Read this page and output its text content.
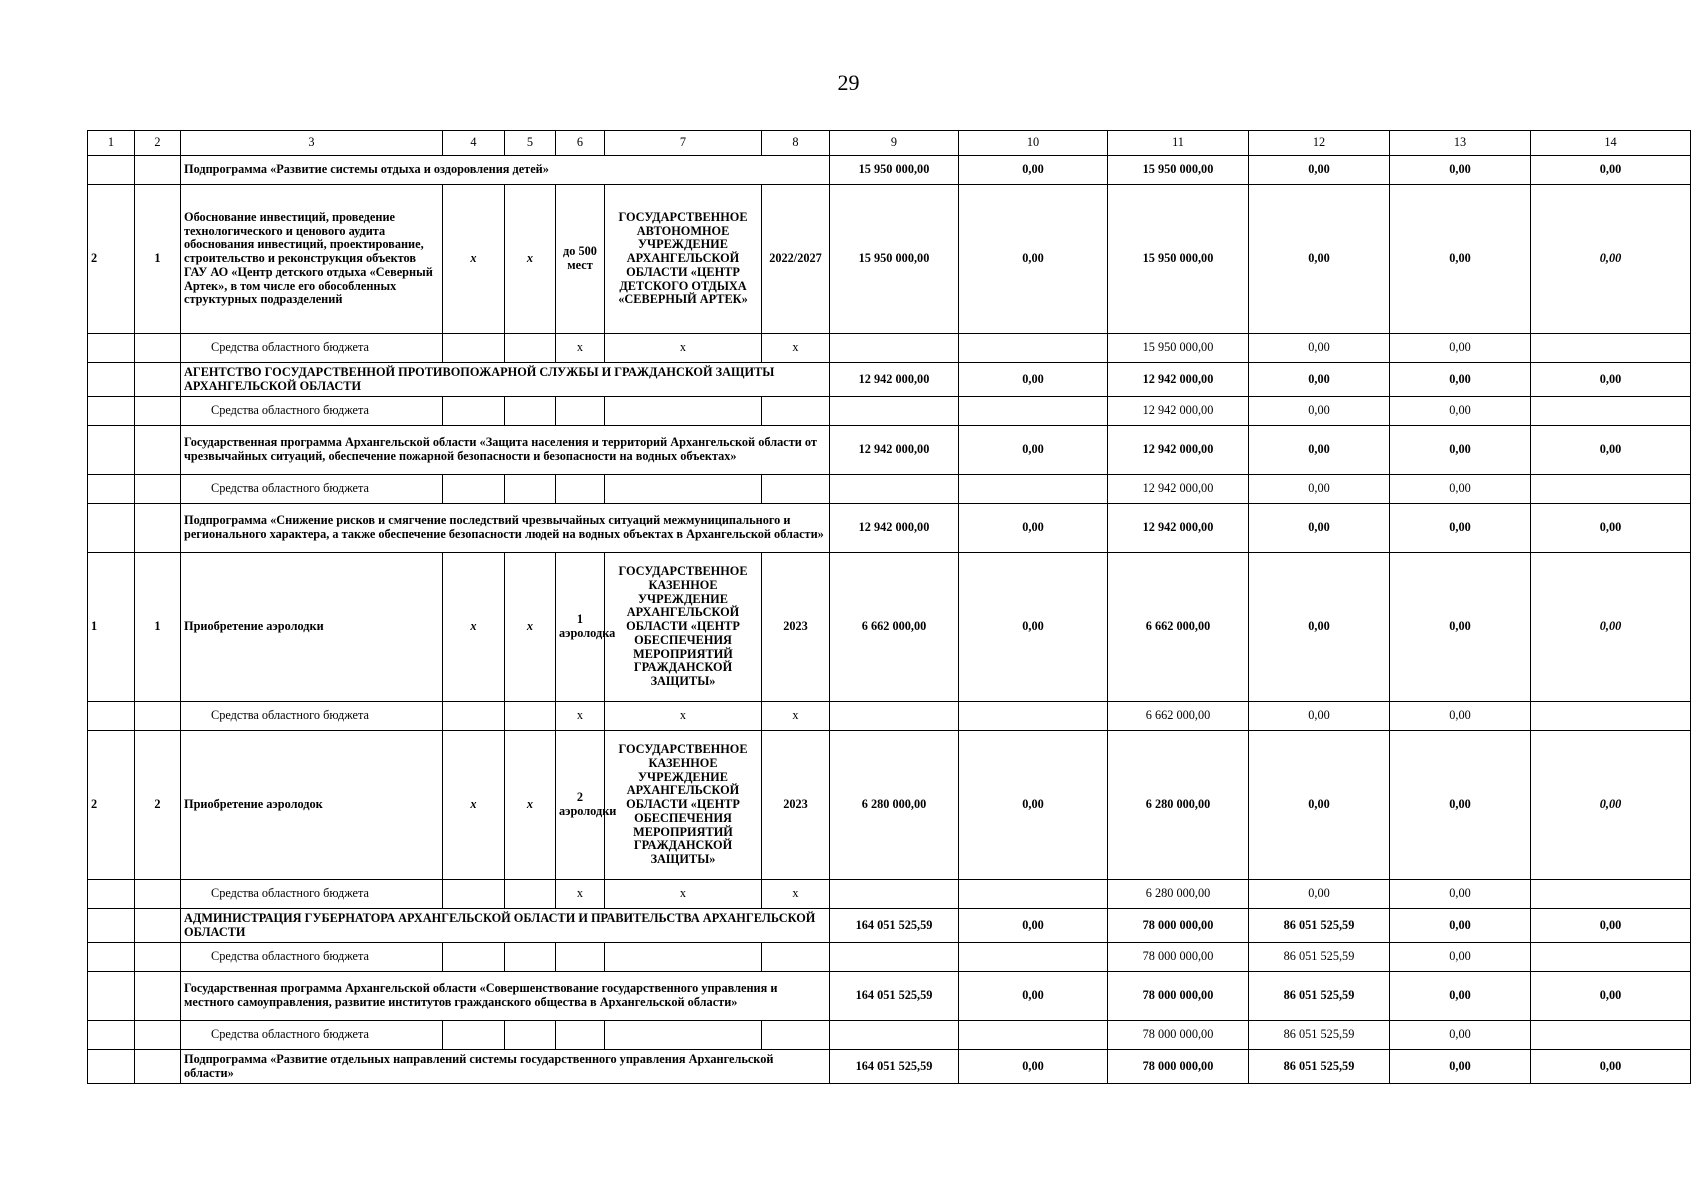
29
1	2	3	4	5	6	7	8	9	10	11	12	13	14
		Подпрограмма «Развитие системы отдыха и оздоровления детей»						15 950 000,00	0,00	15 950 000,00	0,00	0,00	0,00
2	1	Обоснование инвестиций, проведение технологического и ценового аудита обоснования инвестиций, проектирование, строительство и реконструкция объектов ГАУ АО «Центр детского отдыха «Северный Артек», в том числе его обособленных структурных подразделений	x	x	до 500 мест	ГОСУДАРСТВЕННОЕ АВТОНОМНОЕ УЧРЕЖДЕНИЕ АРХАНГЕЛЬСКОЙ ОБЛАСТИ «ЦЕНТР ДЕТСКОГО ОТДЫХА «СЕВЕРНЫЙ АРТЕК»	2022/2027	15 950 000,00	0,00	15 950 000,00	0,00	0,00	0,00
		Средства областного бюджета			x	x	x			15 950 000,00	0,00	0,00	
		АГЕНТСТВО ГОСУДАРСТВЕННОЙ ПРОТИВОПОЖАРНОЙ СЛУЖБЫ И ГРАЖДАНСКОЙ ЗАЩИТЫ АРХАНГЕЛЬСКОЙ ОБЛАСТИ						12 942 000,00	0,00	12 942 000,00	0,00	0,00	0,00
		Средства областного бюджета								12 942 000,00	0,00	0,00	
		Государственная программа Архангельской области «Защита населения и территорий Архангельской области от чрезвычайных ситуаций, обеспечение пожарной безопасности и безопасности на водных объектах»						12 942 000,00	0,00	12 942 000,00	0,00	0,00	0,00
		Средства областного бюджета								12 942 000,00	0,00	0,00	
		Подпрограмма «Снижение рисков и смягчение последствий чрезвычайных ситуаций межмуниципального и регионального характера, а также обеспечение безопасности людей на водных объектах в Архангельской области»						12 942 000,00	0,00	12 942 000,00	0,00	0,00	0,00
1	1	Приобретение аэролодки	x	x	1 аэролодка	ГОСУДАРСТВЕННОЕ КАЗЕННОЕ УЧРЕЖДЕНИЕ АРХАНГЕЛЬСКОЙ ОБЛАСТИ «ЦЕНТР ОБЕСПЕЧЕНИЯ МЕРОПРИЯТИЙ ГРАЖДАНСКОЙ ЗАЩИТЫ»	2023	6 662 000,00	0,00	6 662 000,00	0,00	0,00	0,00
		Средства областного бюджета			x	x	x			6 662 000,00	0,00	0,00	
2	2	Приобретение аэролодок	x	x	2 аэролодки	ГОСУДАРСТВЕННОЕ КАЗЕННОЕ УЧРЕЖДЕНИЕ АРХАНГЕЛЬСКОЙ ОБЛАСТИ «ЦЕНТР ОБЕСПЕЧЕНИЯ МЕРОПРИЯТИЙ ГРАЖДАНСКОЙ ЗАЩИТЫ»	2023	6 280 000,00	0,00	6 280 000,00	0,00	0,00	0,00
		Средства областного бюджета			x	x	x			6 280 000,00	0,00	0,00	
		АДМИНИСТРАЦИЯ ГУБЕРНАТОРА АРХАНГЕЛЬСКОЙ ОБЛАСТИ И ПРАВИТЕЛЬСТВА АРХАНГЕЛЬСКОЙ ОБЛАСТИ						164 051 525,59	0,00	78 000 000,00	86 051 525,59	0,00	0,00
		Средства областного бюджета								78 000 000,00	86 051 525,59	0,00	
		Государственная программа Архангельской области «Совершенствование государственного управления и местного самоуправления, развитие институтов гражданского общества в Архангельской области»						164 051 525,59	0,00	78 000 000,00	86 051 525,59	0,00	0,00
		Средства областного бюджета								78 000 000,00	86 051 525,59	0,00	
		Подпрограмма «Развитие отдельных направлений системы государственного управления Архангельской области»						164 051 525,59	0,00	78 000 000,00	86 051 525,59	0,00	0,00
